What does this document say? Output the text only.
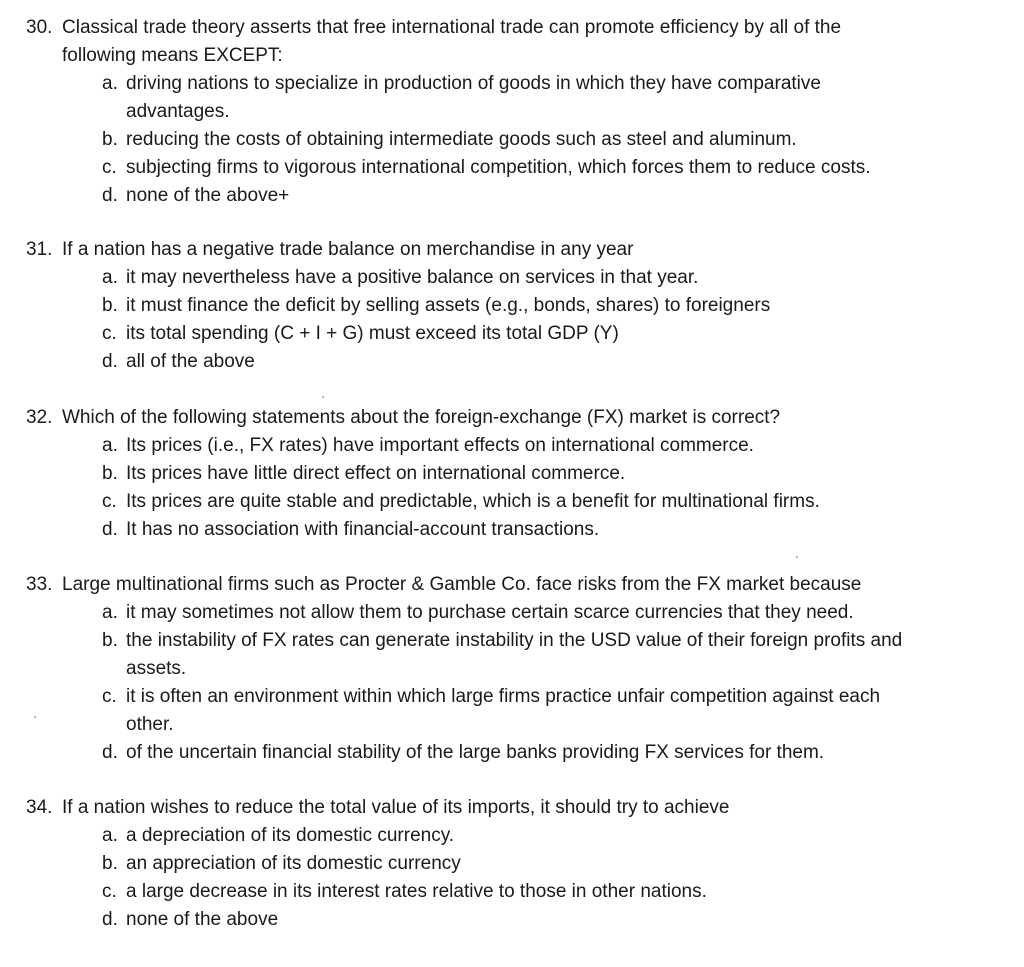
30. Classical trade theory asserts that free international trade can promote efficiency by all of the
following means EXCEPT:
a. driving nations to specialize in production of goods in which they have comparative
advantages.
b. reducing the costs of obtaining intermediate goods such as steel and aluminum.
c. subjecting firms to vigorous international competition, which forces them to reduce costs.
d. none of the above+
31. If a nation has a negative trade balance on merchandise in any year
a. it may nevertheless have a positive balance on services in that year.
b. it must finance the deficit by selling assets (e.g., bonds, shares) to foreigners
c. its total spending (C + I + G) must exceed its total GDP (Y)
d. all of the above
32. Which of the following statements about the foreign-exchange (FX) market is correct?
a. Its prices (i.e., FX rates) have important effects on international commerce.
b. Its prices have little direct effect on international commerce.
c. Its prices are quite stable and predictable, which is a benefit for multinational firms.
d. It has no association with financial-account transactions.
33. Large multinational firms such as Procter & Gamble Co. face risks from the FX market because
a. it may sometimes not allow them to purchase certain scarce currencies that they need.
b. the instability of FX rates can generate instability in the USD value of their foreign profits and
assets.
c. it is often an environment within which large firms practice unfair competition against each
other.
d. of the uncertain financial stability of the large banks providing FX services for them.
34. If a nation wishes to reduce the total value of its imports, it should try to achieve
a. a depreciation of its domestic currency.
b. an appreciation of its domestic currency
c. a large decrease in its interest rates relative to those in other nations.
d. none of the above
